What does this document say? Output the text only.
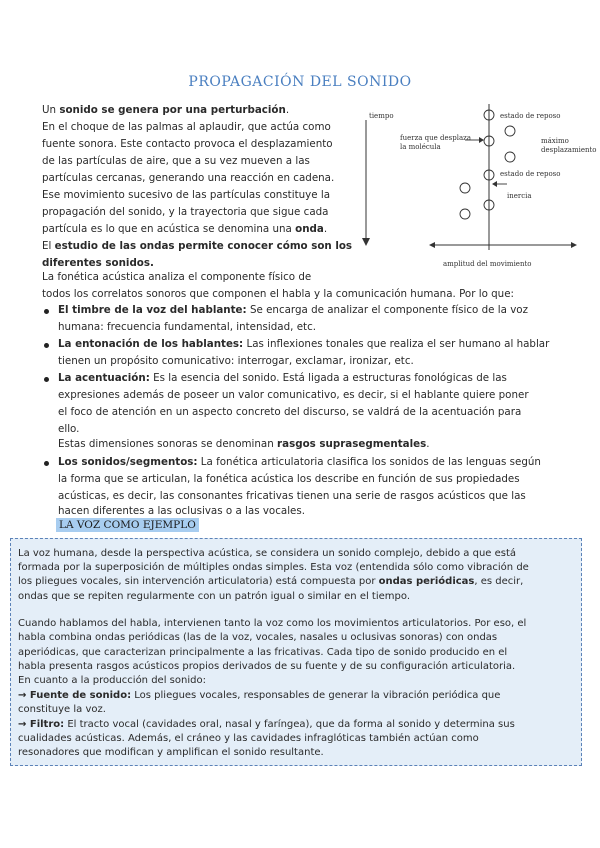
PROPAGACIÓN DEL SONIDO
Un sonido se genera por una perturbación.
En el choque de las palmas al aplaudir, que actúa como
fuente sonora. Este contacto provoca el desplazamiento
de las partículas de aire, que a su vez mueven a las
partículas cercanas, generando una reacción en cadena.
Ese movimiento sucesivo de las partículas constituye la
propagación del sonido, y la trayectoria que sigue cada
partícula es lo que en acústica se denomina una onda.
El estudio de las ondas permite conocer cómo son los
diferentes sonidos.
La fonética acústica analiza el componente físico de
todos los correlatos sonoros que componen el habla y la comunicación humana. Por lo que:
tiempo	estado de reposo
fuerza que desplaza
la molécula
máximo
desplazamiento
estado de reposo
inercia
amplitud del movimiento
El timbre de la voz del hablante: Se encarga de analizar el componente físico de la voz
humana: frecuencia fundamental, intensidad, etc.
La entonación de los hablantes: Las inflexiones tonales que realiza el ser humano al hablar
tienen un propósito comunicativo: interrogar, exclamar, ironizar, etc.
La acentuación: Es la esencia del sonido. Está ligada a estructuras fonológicas de las
expresiones además de poseer un valor comunicativo, es decir, si el hablante quiere poner
el foco de atención en un aspecto concreto del discurso, se valdrá de la acentuación para
ello.
Estas dimensiones sonoras se denominan rasgos suprasegmentales.
Los sonidos/segmentos: La fonética articulatoria clasifica los sonidos de las lenguas según
la forma que se articulan, la fonética acústica los describe en función de sus propiedades
acústicas, es decir, las consonantes fricativas tienen una serie de rasgos acústicos que las
hacen diferentes a las oclusivas o a las vocales.
LA VOZ COMO EJEMPLO
La voz humana, desde la perspectiva acústica, se considera un sonido complejo, debido a que está
formada por la superposición de múltiples ondas simples. Esta voz (entendida sólo como vibración de
los pliegues vocales, sin intervención articulatoria) está compuesta por ondas periódicas, es decir,
ondas que se repiten regularmente con un patrón igual o similar en el tiempo.
Cuando hablamos del habla, intervienen tanto la voz como los movimientos articulatorios. Por eso, el
habla combina ondas periódicas (las de la voz, vocales, nasales u oclusivas sonoras) con ondas
aperiódicas, que caracterizan principalmente a las fricativas. Cada tipo de sonido producido en el
habla presenta rasgos acústicos propios derivados de su fuente y de su configuración articulatoria.
En cuanto a la producción del sonido:
→ Fuente de sonido: Los pliegues vocales, responsables de generar la vibración periódica que
constituye la voz.
→ Filtro: El tracto vocal (cavidades oral, nasal y faríngea), que da forma al sonido y determina sus
cualidades acústicas. Además, el cráneo y las cavidades infraglóticas también actúan como
resonadores que modifican y amplifican el sonido resultante.
